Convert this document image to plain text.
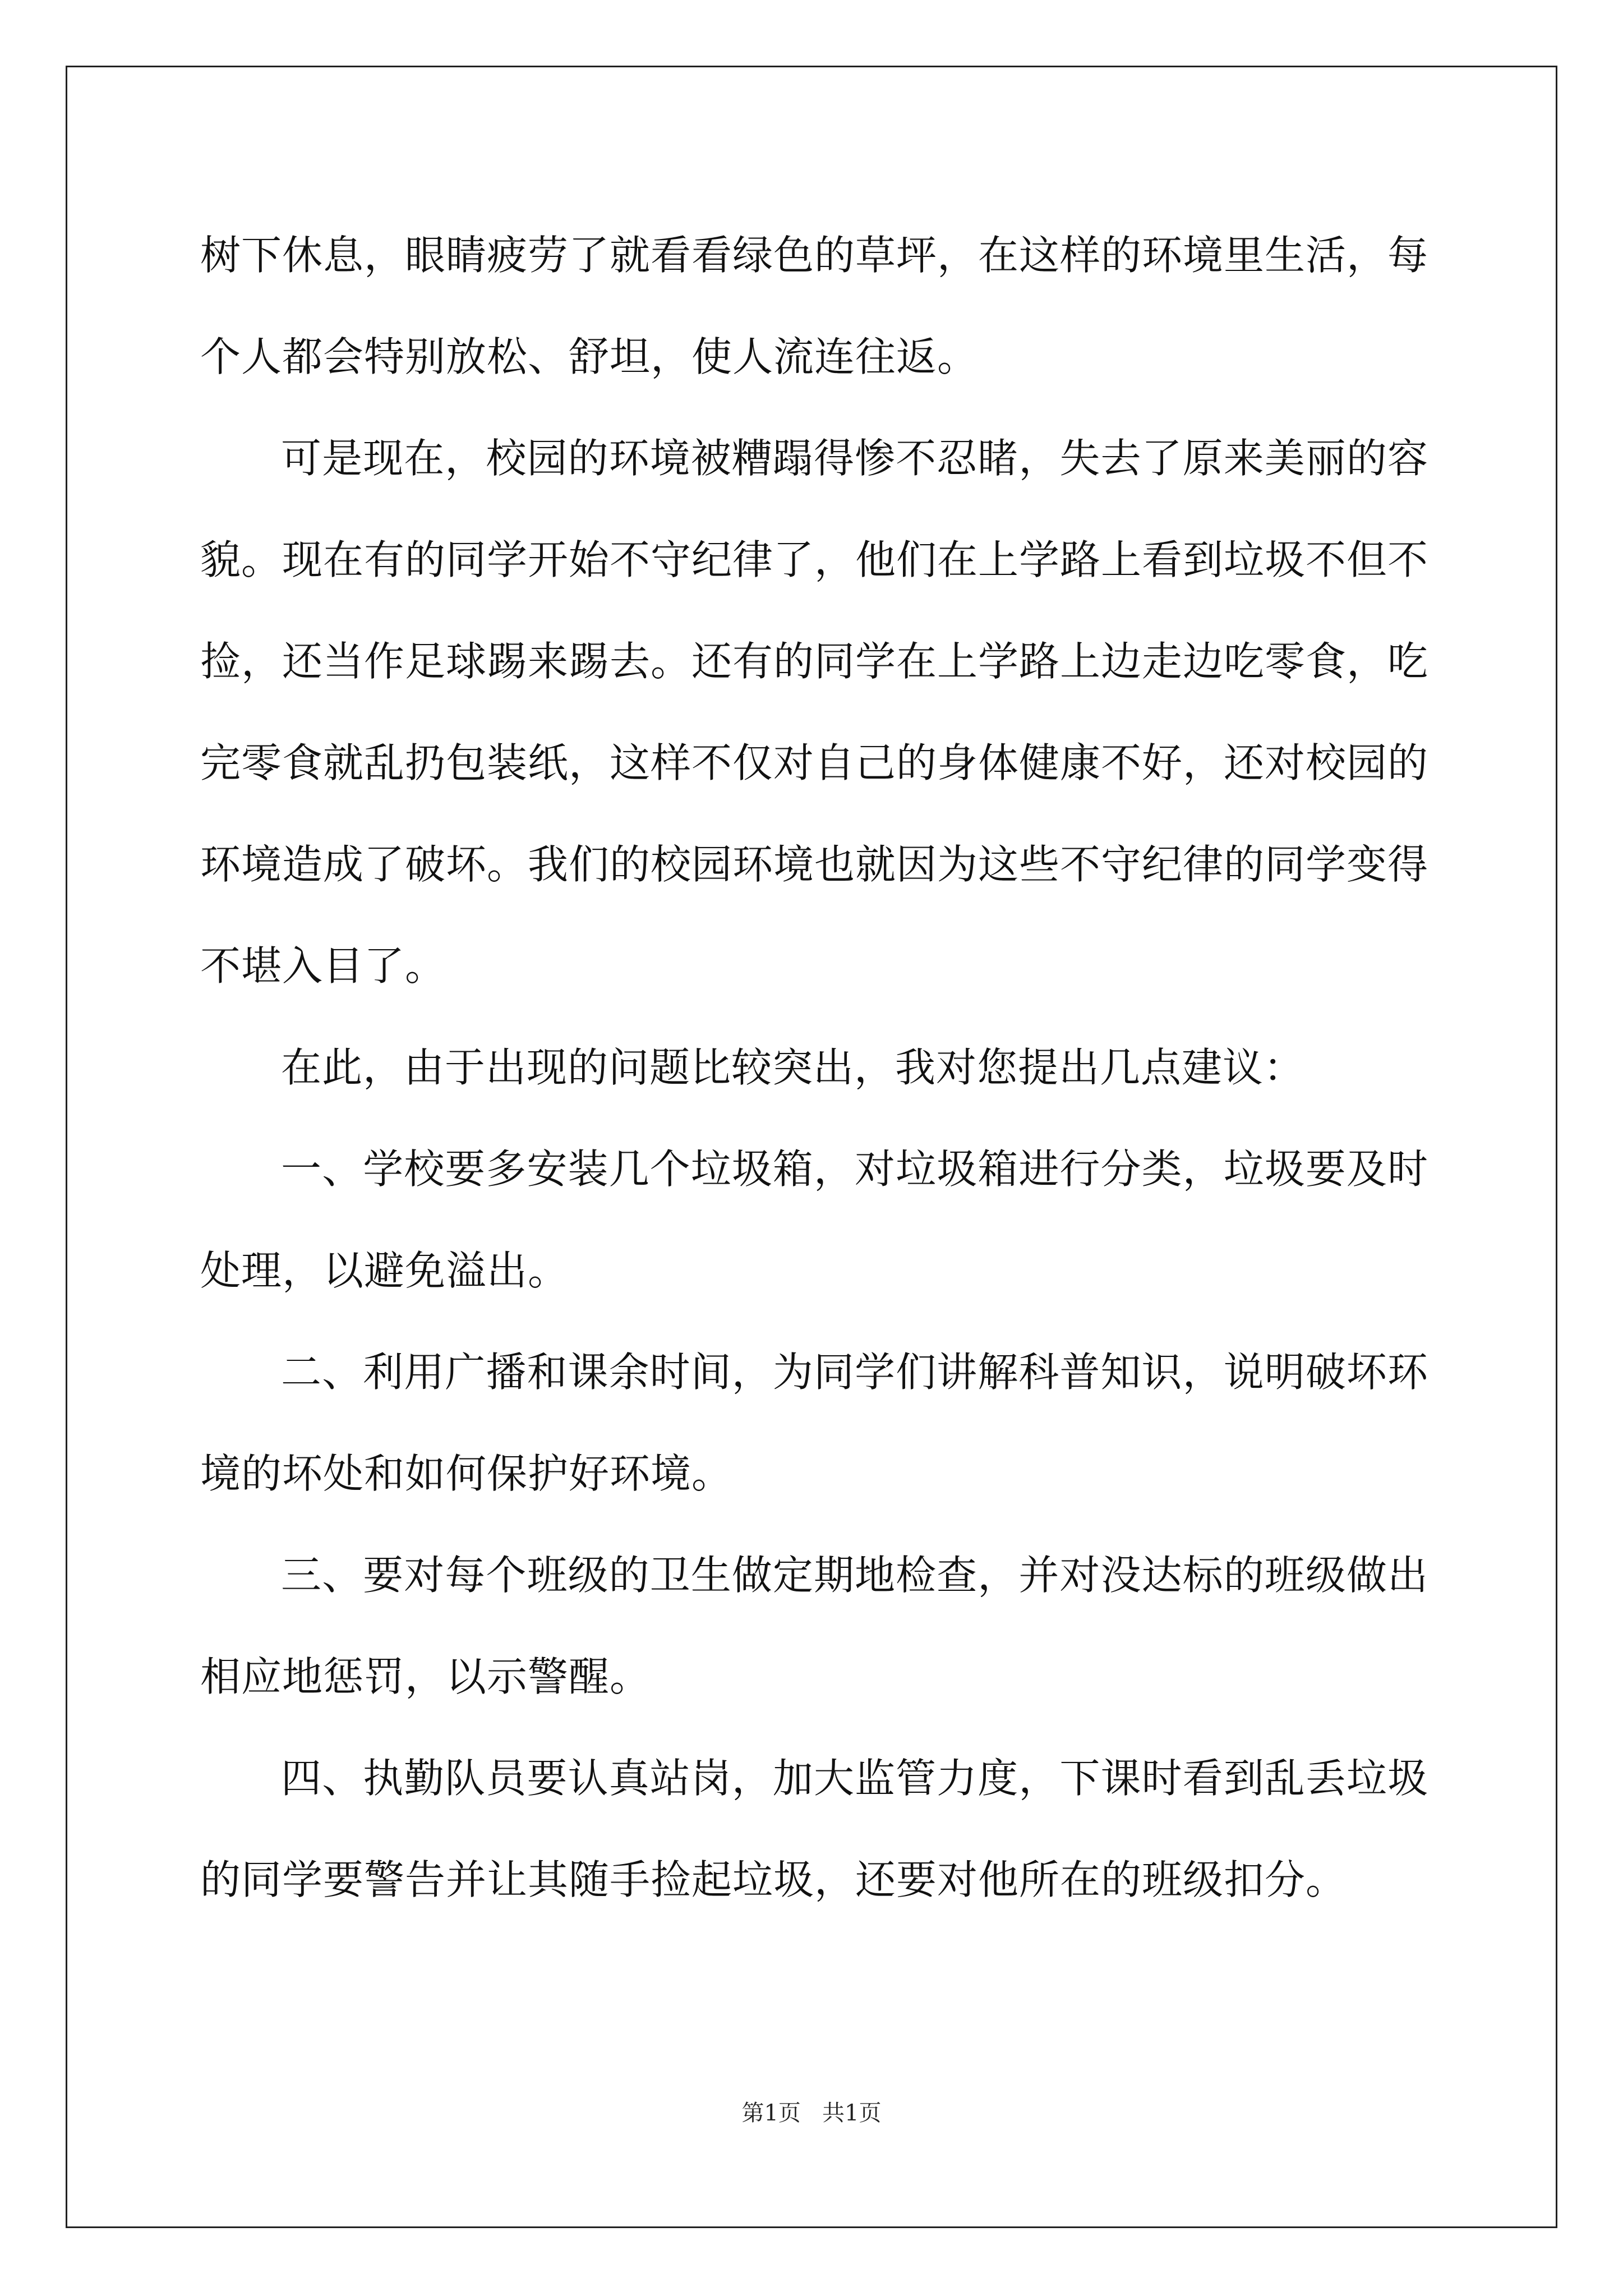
树下休息，眼睛疲劳了就看看绿色的草坪，在这样的环境里生活，每个人都会特别放松、舒坦，使人流连往返。

可是现在，校园的环境被糟蹋得惨不忍睹，失去了原来美丽的容貌。现在有的同学开始不守纪律了，他们在上学路上看到垃圾不但不捡，还当作足球踢来踢去。还有的同学在上学路上边走边吃零食，吃完零食就乱扔包装纸，这样不仅对自己的身体健康不好，还对校园的环境造成了破坏。我们的校园环境也就因为这些不守纪律的同学变得不堪入目了。

在此，由于出现的问题比较突出，我对您提出几点建议：

一、学校要多安装几个垃圾箱，对垃圾箱进行分类，垃圾要及时处理，以避免溢出。

二、利用广播和课余时间，为同学们讲解科普知识，说明破坏环境的坏处和如何保护好环境。

三、要对每个班级的卫生做定期地检查，并对没达标的班级做出相应地惩罚，以示警醒。

四、执勤队员要认真站岗，加大监管力度，下课时看到乱丢垃圾的同学要警告并让其随手捡起垃圾，还要对他所在的班级扣分。

第1页   共1页
